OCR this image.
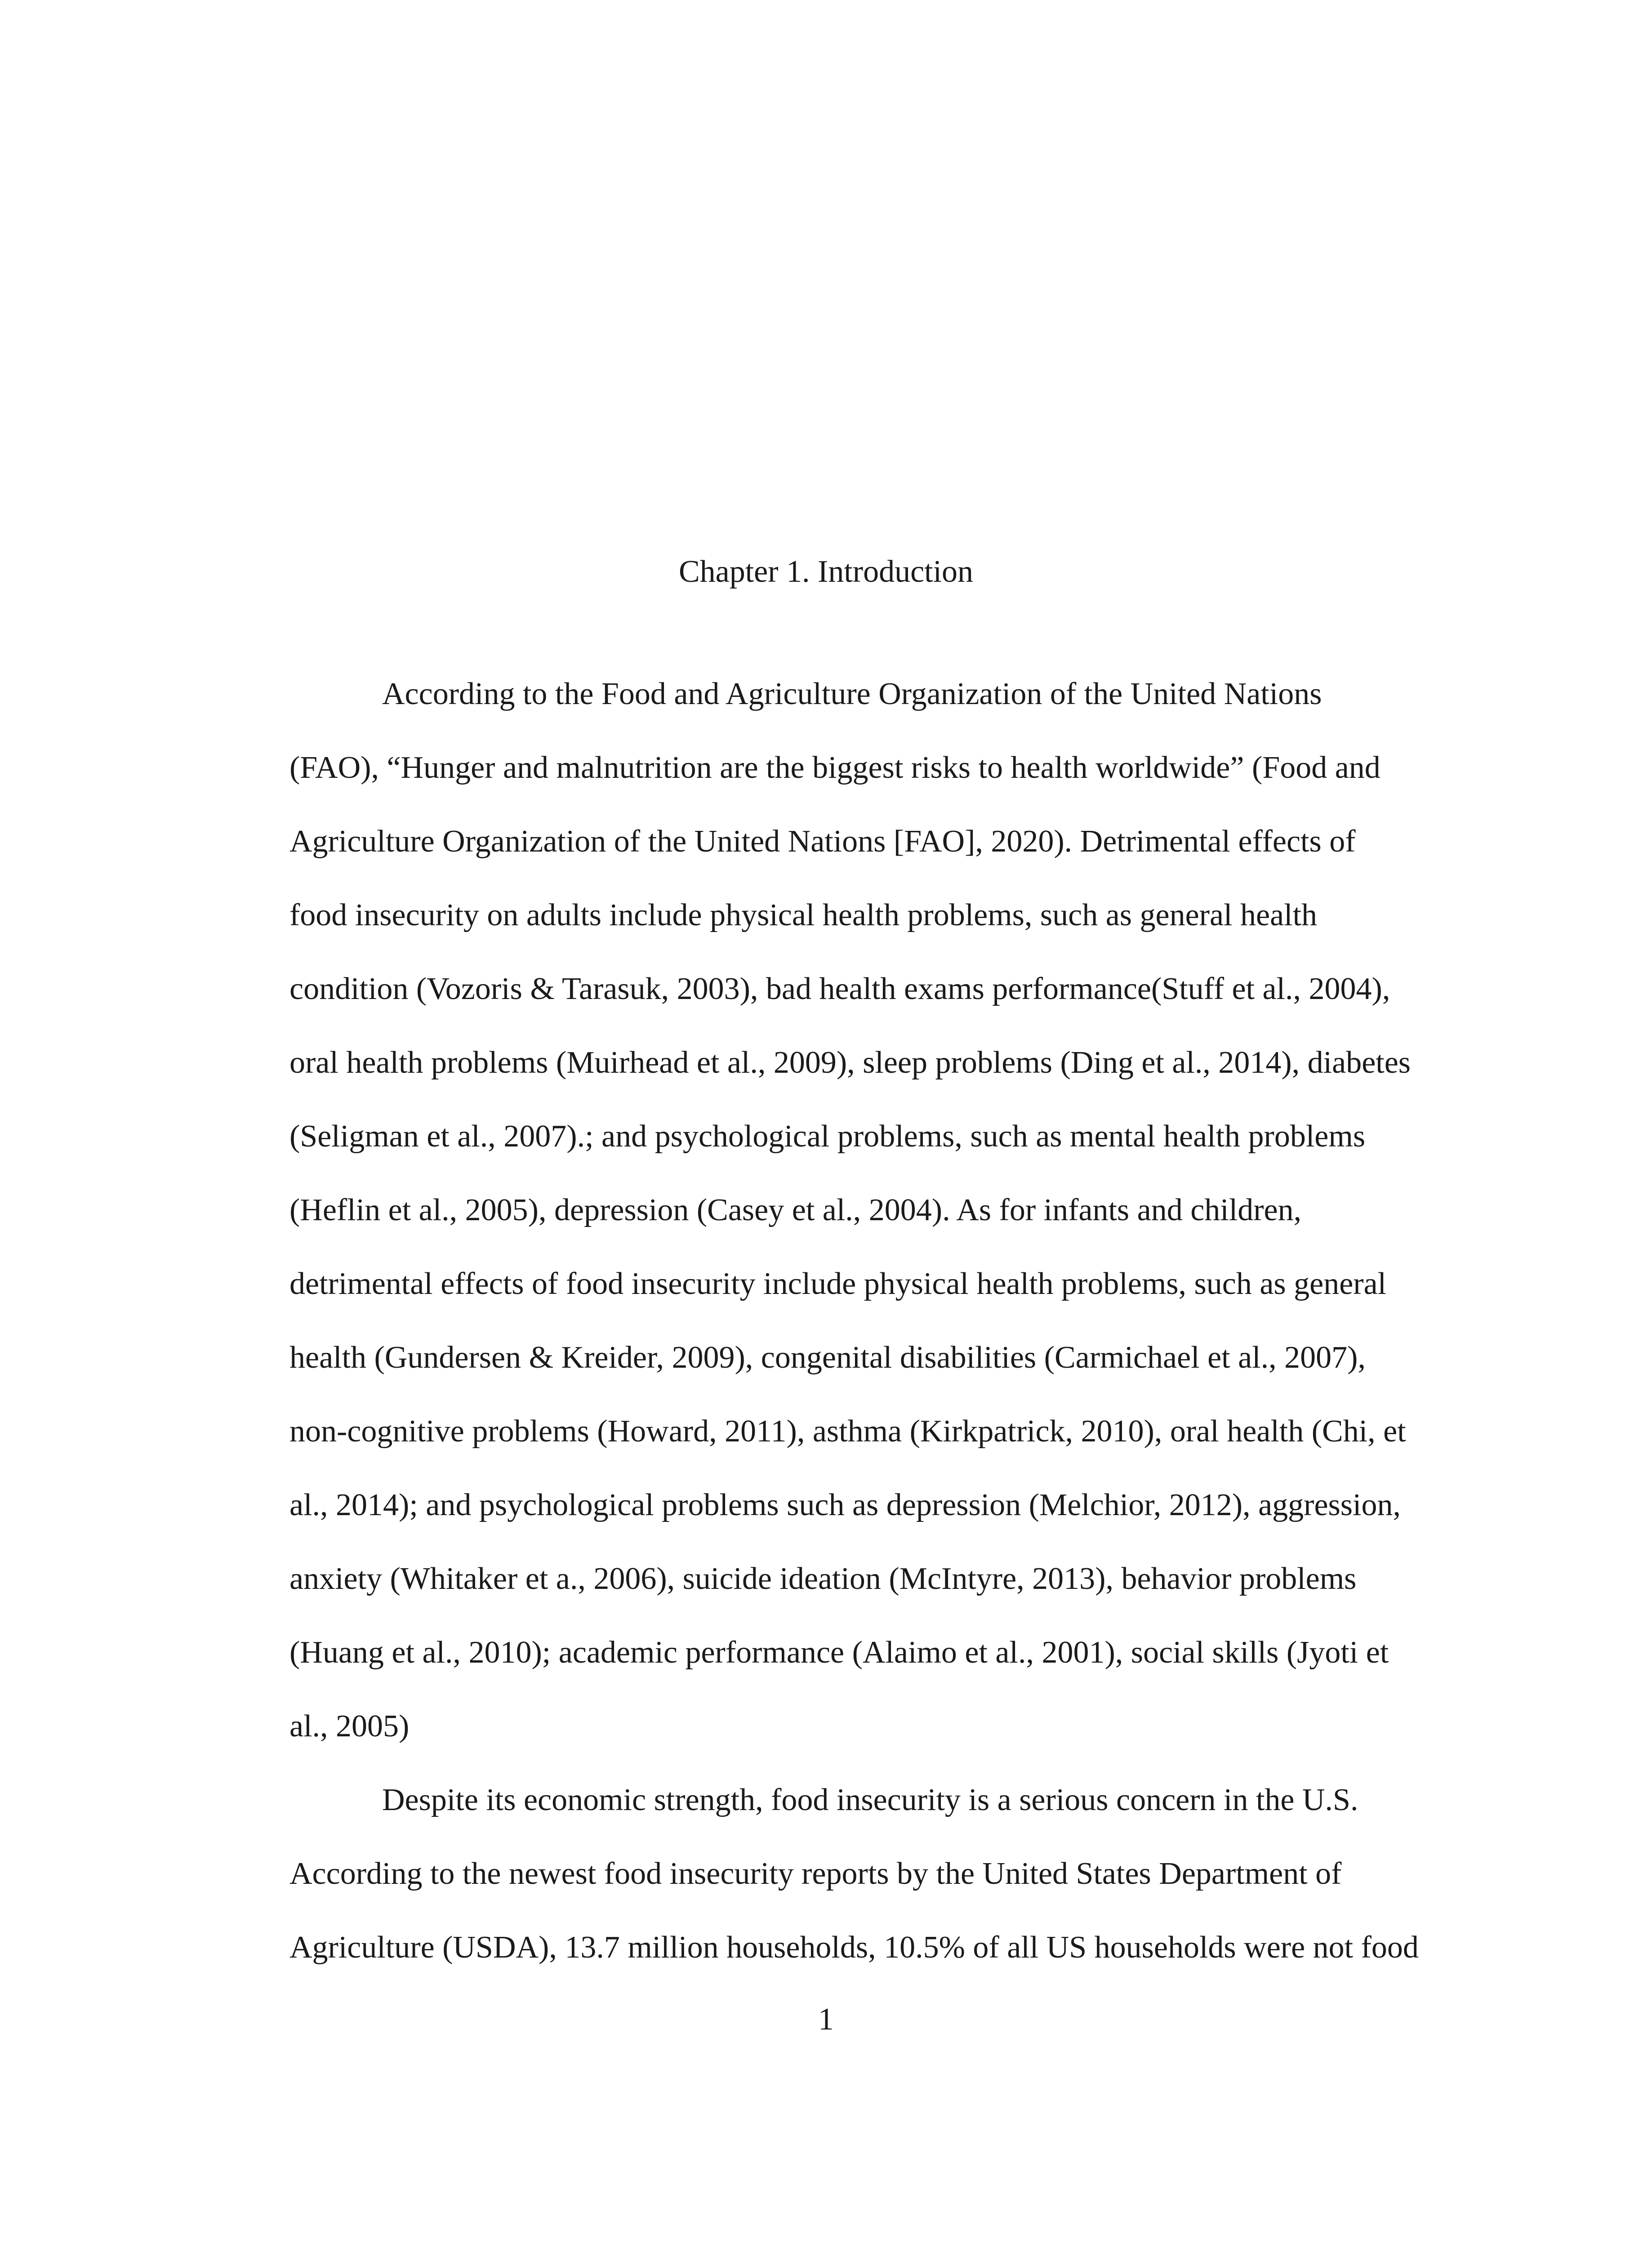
Chapter 1. Introduction
According to the Food and Agriculture Organization of the United Nations
(FAO), “Hunger and malnutrition are the biggest risks to health worldwide” (Food and
Agriculture Organization of the United Nations [FAO], 2020). Detrimental effects of
food insecurity on adults include physical health problems, such as general health
condition (Vozoris & Tarasuk, 2003), bad health exams performance(Stuff et al., 2004),
oral health problems (Muirhead et al., 2009), sleep problems (Ding et al., 2014), diabetes
(Seligman et al., 2007).; and psychological problems, such as mental health problems
(Heflin et al., 2005), depression (Casey et al., 2004). As for infants and children,
detrimental effects of food insecurity include physical health problems, such as general
health (Gundersen & Kreider, 2009), congenital disabilities (Carmichael et al., 2007),
non-cognitive problems (Howard, 2011), asthma (Kirkpatrick, 2010), oral health (Chi, et
al., 2014); and psychological problems such as depression (Melchior, 2012), aggression,
anxiety (Whitaker et a., 2006), suicide ideation (McIntyre, 2013), behavior problems
(Huang et al., 2010); academic performance (Alaimo et al., 2001), social skills (Jyoti et
al., 2005)
Despite its economic strength, food insecurity is a serious concern in the U.S.
According to the newest food insecurity reports by the United States Department of
Agriculture (USDA), 13.7 million households, 10.5% of all US households were not food
1
